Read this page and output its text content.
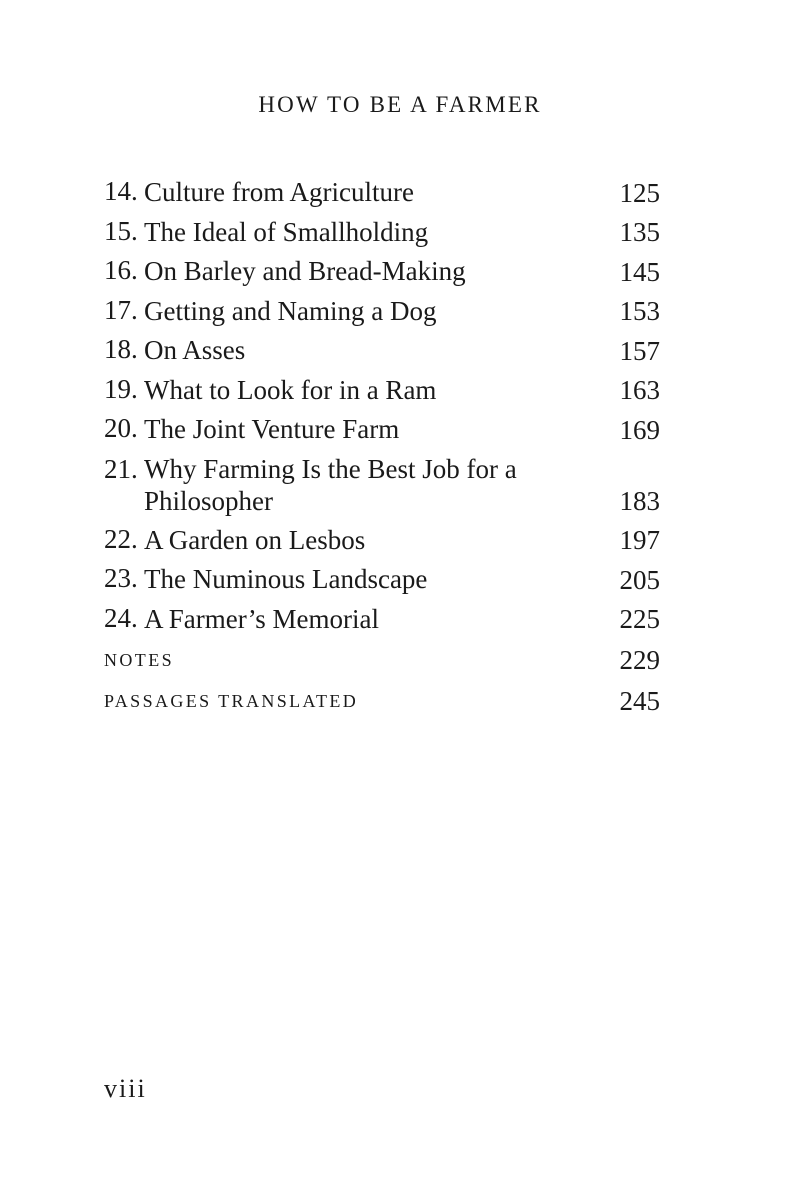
HOW TO BE A FARMER
14. Culture from Agriculture	125
15. The Ideal of Smallholding	135
16. On Barley and Bread-Making	145
17. Getting and Naming a Dog	153
18. On Asses	157
19. What to Look for in a Ram	163
20. The Joint Venture Farm	169
21. Why Farming Is the Best Job for a Philosopher	183
22. A Garden on Lesbos	197
23. The Numinous Landscape	205
24. A Farmer’s Memorial	225
NOTES	229
PASSAGES TRANSLATED	245
viii
